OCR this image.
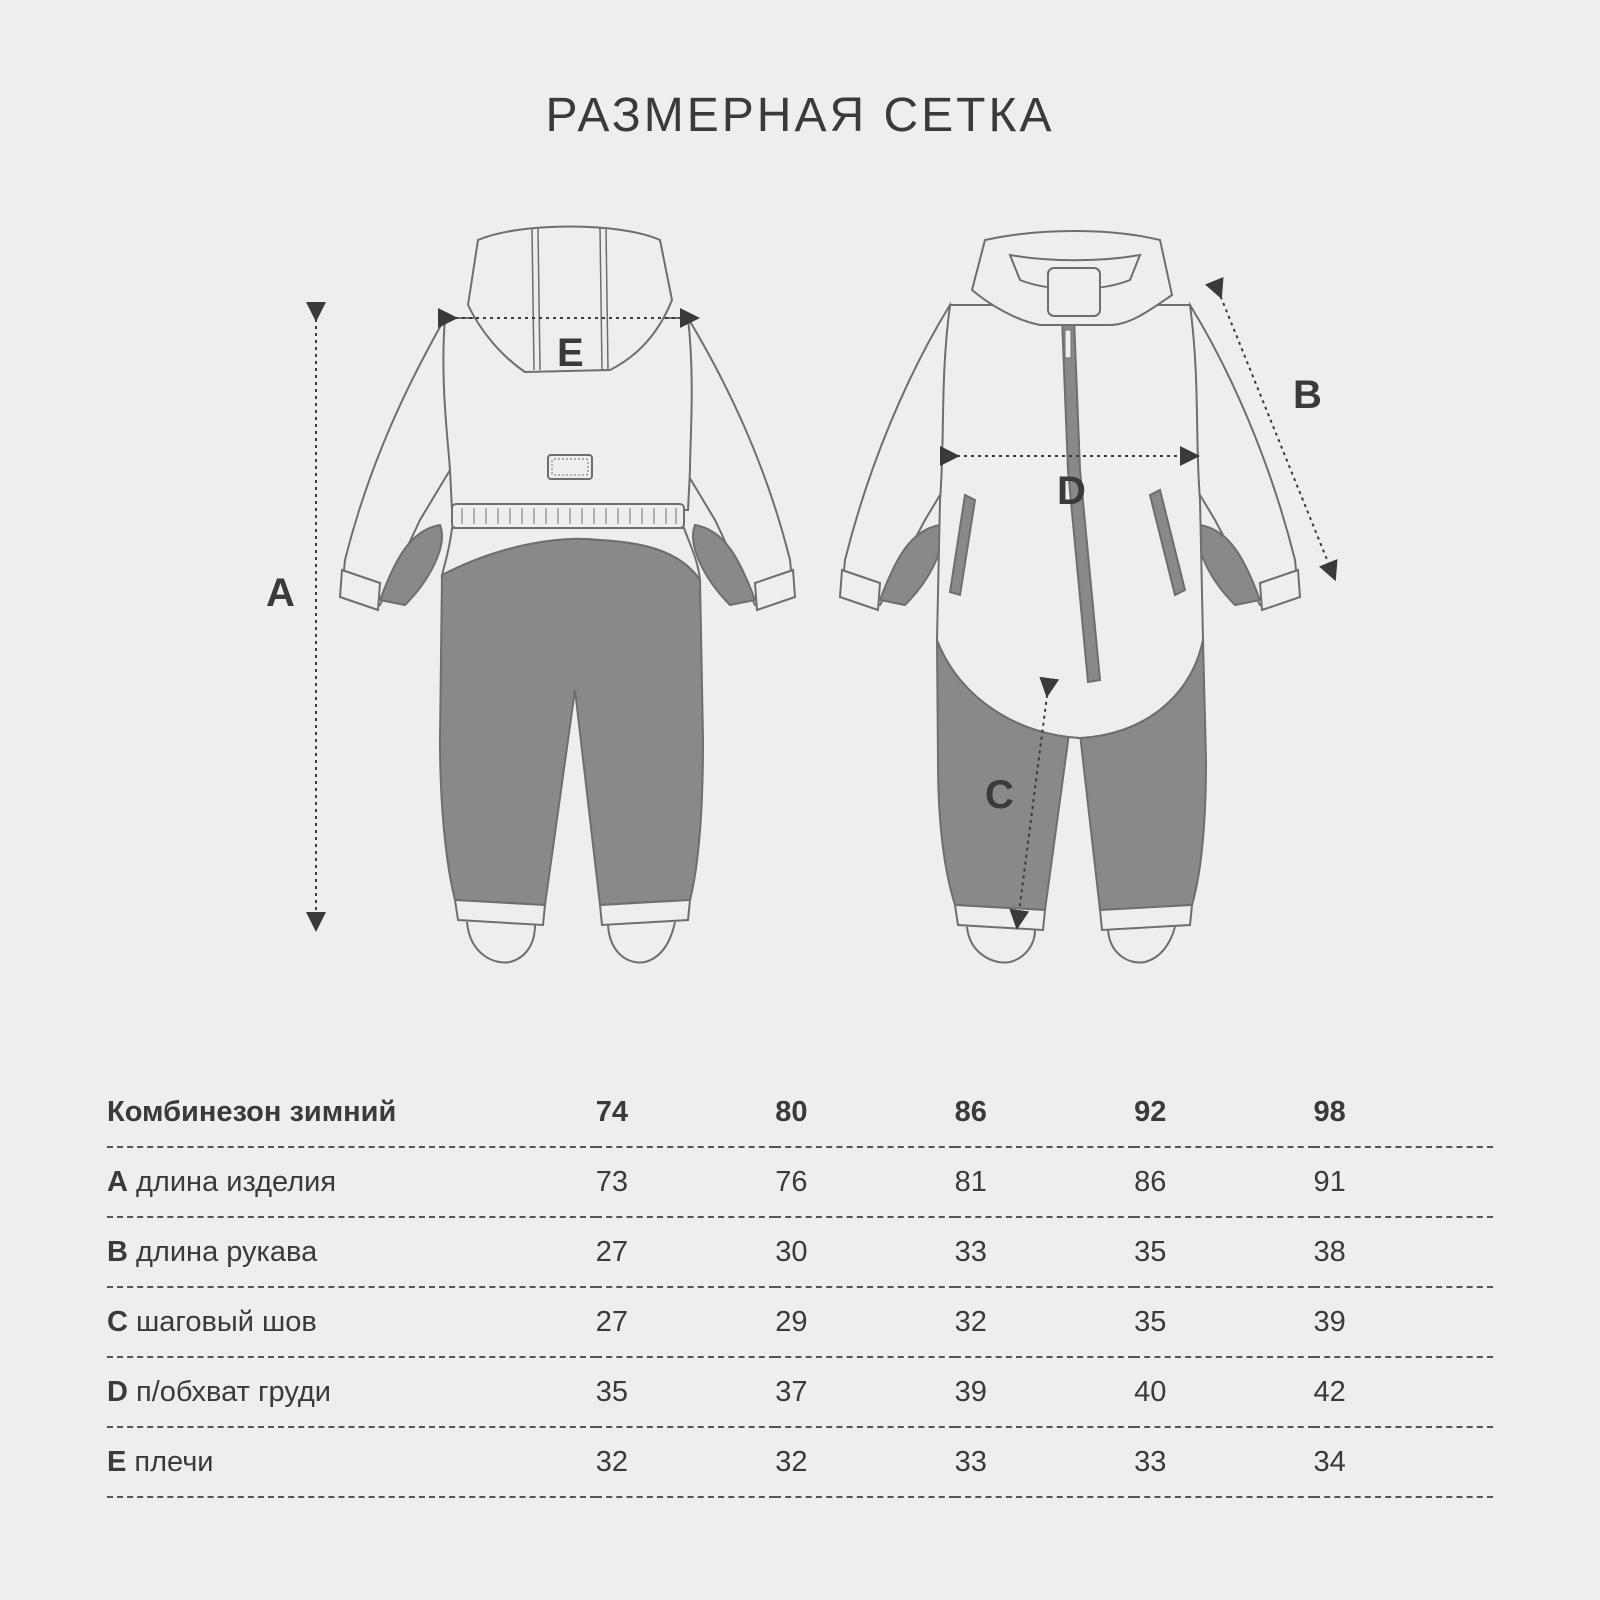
РАЗМЕРНАЯ СЕТКА
A
E
B
D
C
Комбинезон зимний	74	80	86	92	98
A длина изделия	73	76	81	86	91
B длина рукава	27	30	33	35	38
C шаговый шов	27	29	32	35	39
D п/обхват груди	35	37	39	40	42
E плечи	32	32	33	33	34
